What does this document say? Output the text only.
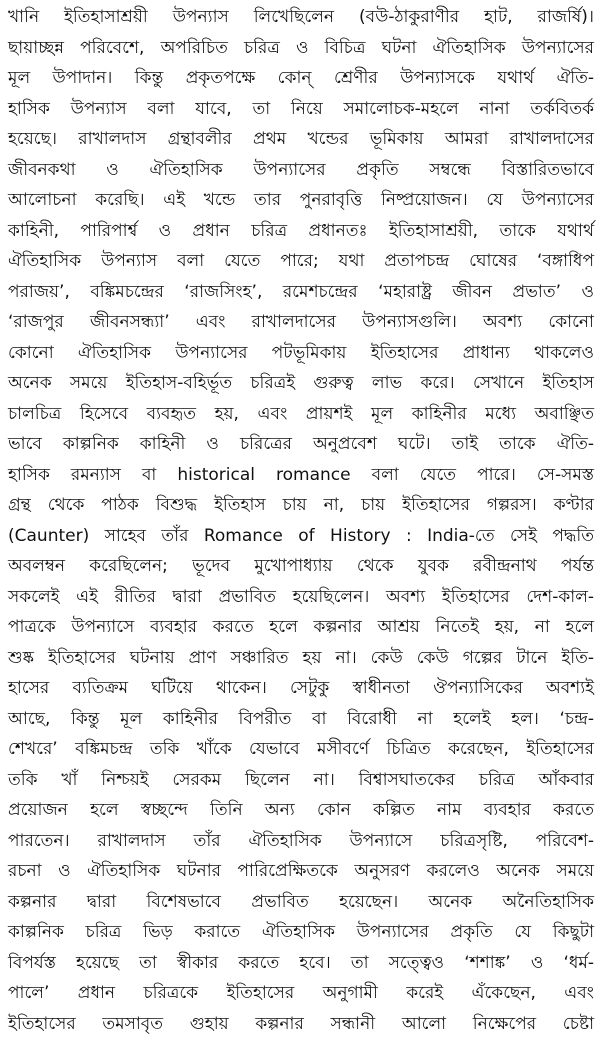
খানি ইতিহাসাশ্রয়ী উপন্যাস লিখেছিলেন (বউ-ঠাকুরাণীর হাট, রাজর্ষি)।
ছায়াচ্ছন্ন পরিবেশে, অপরিচিত চরিত্র ও বিচিত্র ঘটনা ঐতিহাসিক উপন্যাসের
মূল উপাদান। কিন্তু প্রকৃতপক্ষে কোন্ শ্রেণীর উপন্যাসকে যথার্থ ঐতি-
হাসিক উপন্যাস বলা যাবে, তা নিয়ে সমালোচক-মহলে নানা তর্কবিতর্ক
হয়েছে। রাখালদাস গ্রন্থাবলীর প্রথম খন্ডের ভূমিকায় আমরা রাখালদাসের
জীবনকথা ও ঐতিহাসিক উপন্যাসের প্রকৃতি সম্বন্ধে বিস্তারিতভাবে
আলোচনা করেছি। এই খন্ডে তার পুনরাবৃত্তি নিষ্প্রয়োজন। যে উপন্যাসের
কাহিনী, পারিপার্শ্ব ও প্রধান চরিত্র প্রধানতঃ ইতিহাসাশ্রয়ী, তাকে যথার্থ
ঐতিহাসিক উপন্যাস বলা যেতে পারে; যথা প্রতাপচন্দ্র ঘোষের ‘বঙ্গাধিপ
পরাজয়’, বঙ্কিমচন্দ্রের ‘রাজসিংহ’, রমেশচন্দ্রের ‘মহারাষ্ট্র জীবন প্রভাত’ ও
‘রাজপুর জীবনসন্ধ্যা’ এবং রাখালদাসের উপন্যাসগুলি। অবশ্য কোনো
কোনো ঐতিহাসিক উপন্যাসের পটভূমিকায় ইতিহাসের প্রাধান্য থাকলেও
অনেক সময়ে ইতিহাস-বহির্ভূত চরিত্রই গুরুত্ব লাভ করে। সেখানে ইতিহাস
চালচিত্র হিসেবে ব্যবহৃত হয়, এবং প্রায়শই মূল কাহিনীর মধ্যে অবাঞ্ছিত
ভাবে কাল্পনিক কাহিনী ও চরিত্রের অনুপ্রবেশ ঘটে। তাই তাকে ঐতি-
হাসিক রমন্যাস বা historical romance বলা যেতে পারে। সে-সমস্ত
গ্রন্থ থেকে পাঠক বিশুদ্ধ ইতিহাস চায় না, চায় ইতিহাসের গল্পরস। কণ্টার
(Caunter) সাহেব তাঁর Romance of History : India-তে সেই পদ্ধতি
অবলম্বন করেছিলেন; ভূদেব মুখোপাধ্যায় থেকে যুবক রবীন্দ্রনাথ পর্যন্ত
সকলেই এই রীতির দ্বারা প্রভাবিত হয়েছিলেন। অবশ্য ইতিহাসের দেশ-কাল-
পাত্রকে উপন্যাসে ব্যবহার করতে হলে কল্পনার আশ্রয় নিতেই হয়, না হলে
শুষ্ক ইতিহাসের ঘটনায় প্রাণ সঞ্চারিত হয় না। কেউ কেউ গল্পের টানে ইতি-
হাসের ব্যতিক্রম ঘটিয়ে থাকেন। সেটুকু স্বাধীনতা ঔপন্যাসিকের অবশ্যই
আছে, কিন্তু মূল কাহিনীর বিপরীত বা বিরোধী না হলেই হল। ‘চন্দ্র-
শেখরে’ বঙ্কিমচন্দ্র তকি খাঁকে যেভাবে মসীবর্ণে চিত্রিত করেছেন, ইতিহাসের
তকি খাঁ নিশ্চয়ই সেরকম ছিলেন না। বিশ্বাসঘাতকের চরিত্র আঁকবার
প্রয়োজন হলে স্বচ্ছন্দে তিনি অন্য কোন কল্পিত নাম ব্যবহার করতে
পারতেন। রাখালদাস তাঁর ঐতিহাসিক উপন্যাসে চরিত্রসৃষ্টি, পরিবেশ-
রচনা ও ঐতিহাসিক ঘটনার পারিপ্রেক্ষিতকে অনুসরণ করলেও অনেক সময়ে
কল্পনার দ্বারা বিশেষভাবে প্রভাবিত হয়েছেন। অনেক অনৈতিহাসিক
কাল্পনিক চরিত্র ভিড় করাতে ঐতিহাসিক উপন্যাসের প্রকৃতি যে কিছুটা
বিপর্যস্ত হয়েছে তা স্বীকার করতে হবে। তা সত্ত্বেও ‘শশাঙ্ক’ ও ‘ধর্ম-
পালে’ প্রধান চরিত্রকে ইতিহাসের অনুগামী করেই এঁকেছেন, এবং
ইতিহাসের তমসাবৃত গুহায় কল্পনার সন্ধানী আলো নিক্ষেপের চেষ্টা
